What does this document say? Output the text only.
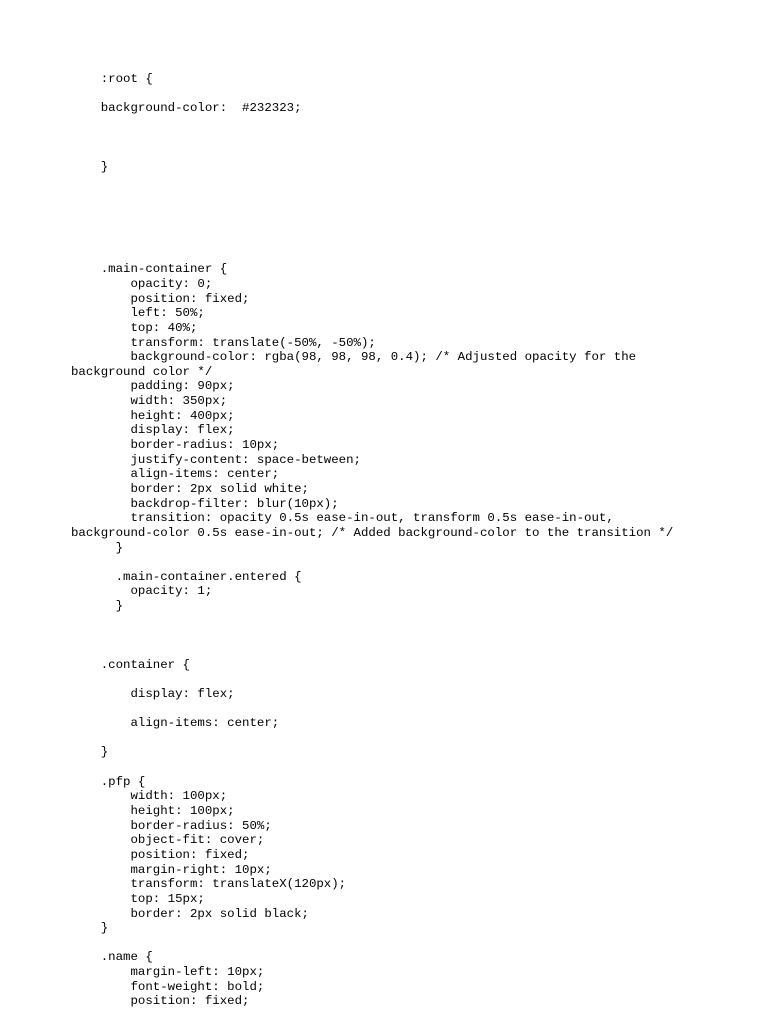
:root {
background-color:  #232323;
}
.main-container {
opacity: 0;
position: fixed;
left: 50%;
top: 40%;
transform: translate(-50%, -50%);
background-color: rgba(98, 98, 98, 0.4); /* Adjusted opacity for the
background color */
padding: 90px;
width: 350px;
height: 400px;
display: flex;
border-radius: 10px;
justify-content: space-between;
align-items: center;
border: 2px solid white;
backdrop-filter: blur(10px);
transition: opacity 0.5s ease-in-out, transform 0.5s ease-in-out,
background-color 0.5s ease-in-out; /* Added background-color to the transition */
}
.main-container.entered {
opacity: 1;
}
.container {
display: flex;
align-items: center;
}
.pfp {
width: 100px;
height: 100px;
border-radius: 50%;
object-fit: cover;
position: fixed;
margin-right: 10px;
transform: translateX(120px);
top: 15px;
border: 2px solid black;
}
.name {
margin-left: 10px;
font-weight: bold;
position: fixed;
